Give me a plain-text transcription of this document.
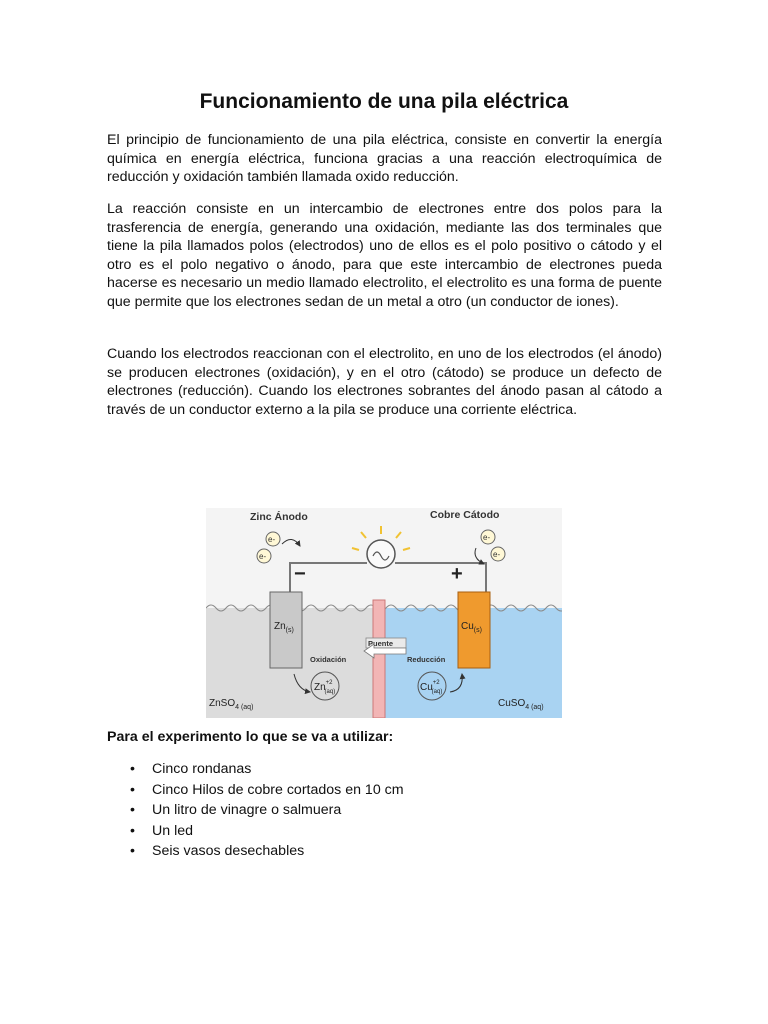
Funcionamiento de una pila eléctrica

El principio de funcionamiento de una pila eléctrica, consiste en convertir la energía química en energía eléctrica, funciona gracias a una reacción electroquímica de reducción y oxidación también llamada oxido reducción.

La reacción consiste en un intercambio de electrones entre dos polos para la trasferencia de energía, generando una oxidación, mediante las dos terminales que tiene la pila llamados polos (electrodos) uno de ellos es el polo positivo o cátodo y el otro es el polo negativo o ánodo, para que este intercambio de electrones pueda hacerse es necesario un medio llamado electrolito, el electrolito es una forma de puente que permite que los electrones sedan de un metal a otro (un conductor de iones).

Cuando los electrodos reaccionan con el electrolito, en uno de los electrodos (el ánodo) se producen electrones (oxidación), y en el otro (cátodo) se produce un defecto de electrones (reducción). Cuando los electrones sobrantes del ánodo pasan al cátodo a través de un conductor externo a la pila se produce una corriente eléctrica.

Zinc Ánodo	Cobre Cátodo
e-
e-
e-
e-
−	+
$Zn_{(s)}$	$Cu_{(s)}$
Puente
Oxidación	Reducción
$Zn^{+2}$ (aq)	$Cu^{+2}$ (aq)
ZnSO$_{4 (aq)}$	CuSO$_{4 (aq)}$

Para el experimento lo que se va a utilizar:

• Cinco rondanas
• Cinco Hilos de cobre cortados en 10 cm
• Un litro de vinagre o salmuera
• Un led
• Seis vasos desechables
